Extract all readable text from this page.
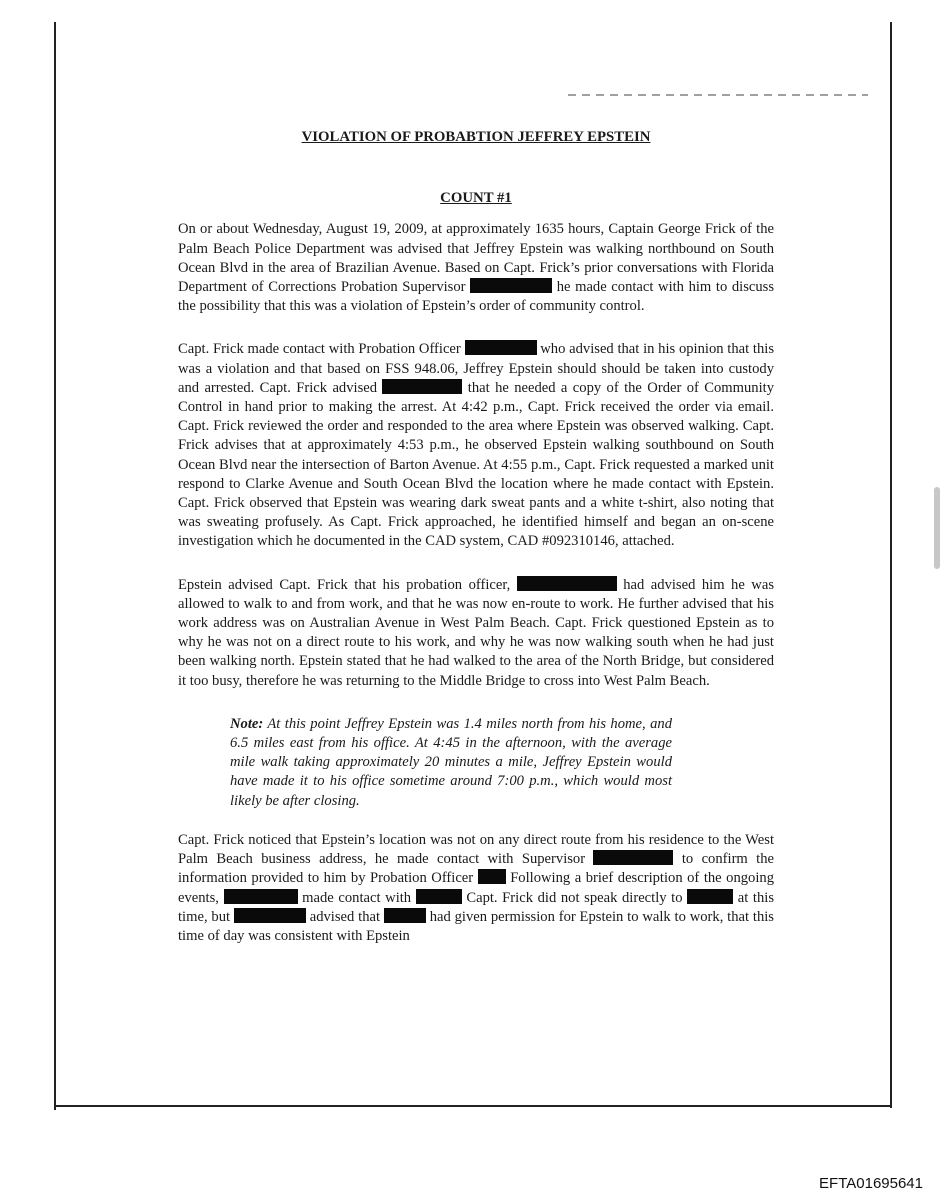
VIOLATION OF PROBABTION JEFFREY EPSTEIN
COUNT #1

On or about Wednesday, August 19, 2009, at approximately 1635 hours, Captain George Frick of the Palm Beach Police Department was advised that Jeffrey Epstein was walking northbound on South Ocean Blvd in the area of Brazilian Avenue. Based on Capt. Frick’s prior conversations with Florida Department of Corrections Probation Supervisor	he made contact with him to discuss the possibility that this was a violation of Epstein’s order of community control.

Capt. Frick made contact with Probation Officer	who advised that in his opinion that this was a violation and that based on FSS 948.06, Jeffrey Epstein should should be taken into custody and arrested. Capt. Frick advised	that he needed a copy of the Order of Community Control in hand prior to making the arrest. At 4:42 p.m., Capt. Frick received the order via email. Capt. Frick reviewed the order and responded to the area where Epstein was observed walking. Capt. Frick advises that at approximately 4:53 p.m., he observed Epstein walking southbound on South Ocean Blvd near the intersection of Barton Avenue. At 4:55 p.m., Capt. Frick requested a marked unit respond to Clarke Avenue and South Ocean Blvd the location where he made contact with Epstein. Capt. Frick observed that Epstein was wearing dark sweat pants and a white t-shirt, also noting that was sweating profusely. As Capt. Frick approached, he identified himself and began an on-scene investigation which he documented in the CAD system, CAD #092310146, attached.

Epstein advised Capt. Frick that his probation officer,	had advised him he was allowed to walk to and from work, and that he was now en-route to work. He further advised that his work address was on Australian Avenue in West Palm Beach. Capt. Frick questioned Epstein as to why he was not on a direct route to his work, and why he was now walking south when he had just been walking north. Epstein stated that he had walked to the area of the North Bridge, but considered it too busy, therefore he was returning to the Middle Bridge to cross into West Palm Beach.

Note: At this point Jeffrey Epstein was 1.4 miles north from his home, and 6.5 miles east from his office. At 4:45 in the afternoon, with the average mile walk taking approximately 20 minutes a mile, Jeffrey Epstein would have made it to his office sometime around 7:00 p.m., which would most likely be after closing.

Capt. Frick noticed that Epstein’s location was not on any direct route from his residence to the West Palm Beach business address, he made contact with Supervisor	to confirm the information provided to him by Probation Officer  Following a brief description of the ongoing events,	made contact with	Capt. Frick did not speak directly to	at this time, but	advised that	had given permission for Epstein to walk to work, that this time of day was consistent with Epstein

EFTA01695641
